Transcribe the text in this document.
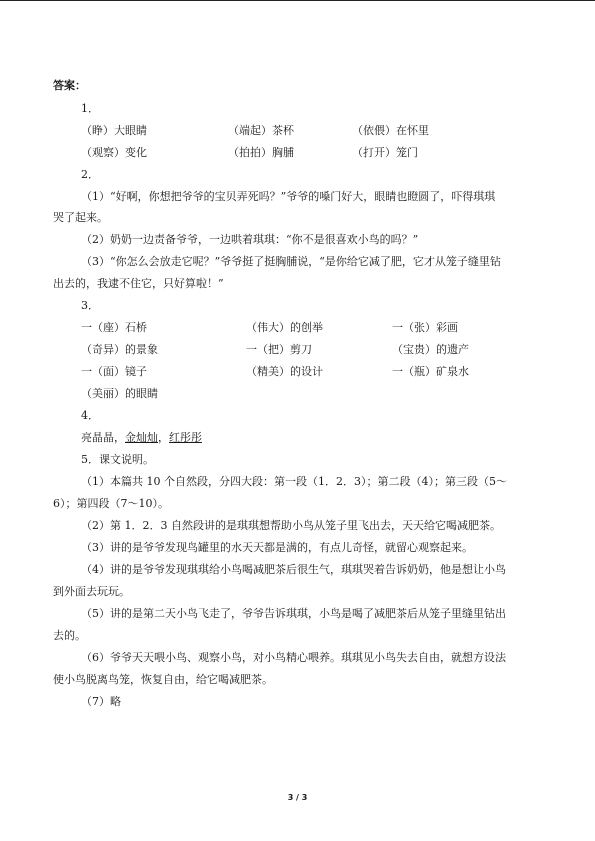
答案：
1．
（睁）大眼睛	（端起）茶杯	（依偎）在怀里
（观察）变化	（拍拍）胸脯	（打开）笼门
2．
（1）“好啊，你想把爷爷的宝贝弄死吗？”爷爷的嗓门好大，眼睛也瞪圆了，吓得琪琪
哭了起来。
（2）奶奶一边责备爷爷，一边哄着琪琪：“你不是很喜欢小鸟的吗？”
（3）“你怎么会放走它呢？”爷爷挺了挺胸脯说，“是你给它减了肥，它才从笼子缝里钻
出去的，我逮不住它，只好算啦！”
3．
一（座）石桥	（伟大）的创举	一（张）彩画
（奇异）的景象	一（把）剪刀	（宝贵）的遗产
一（面）镜子	（精美）的设计	一（瓶）矿泉水
（美丽）的眼睛
4．
亮晶晶，金灿灿，红彤彤
5．课文说明。
（1）本篇共 10 个自然段，分四大段：第一段（1．2．3）；第二段（4）；第三段（5～
6）；第四段（7～10）。
（2）第 1．2．3 自然段讲的是琪琪想帮助小鸟从笼子里飞出去，天天给它喝减肥茶。
（3）讲的是爷爷发现鸟罐里的水天天都是满的，有点儿奇怪，就留心观察起来。
（4）讲的是爷爷发现琪琪给小鸟喝减肥茶后很生气，琪琪哭着告诉奶奶，他是想让小鸟
到外面去玩玩。
（5）讲的是第二天小鸟飞走了，爷爷告诉琪琪，小鸟是喝了减肥茶后从笼子里缝里钻出
去的。
（6）爷爷天天喂小鸟、观察小鸟，对小鸟精心喂养。琪琪见小鸟失去自由，就想方设法
使小鸟脱离鸟笼，恢复自由，给它喝减肥茶。
（7）略
3 / 3
